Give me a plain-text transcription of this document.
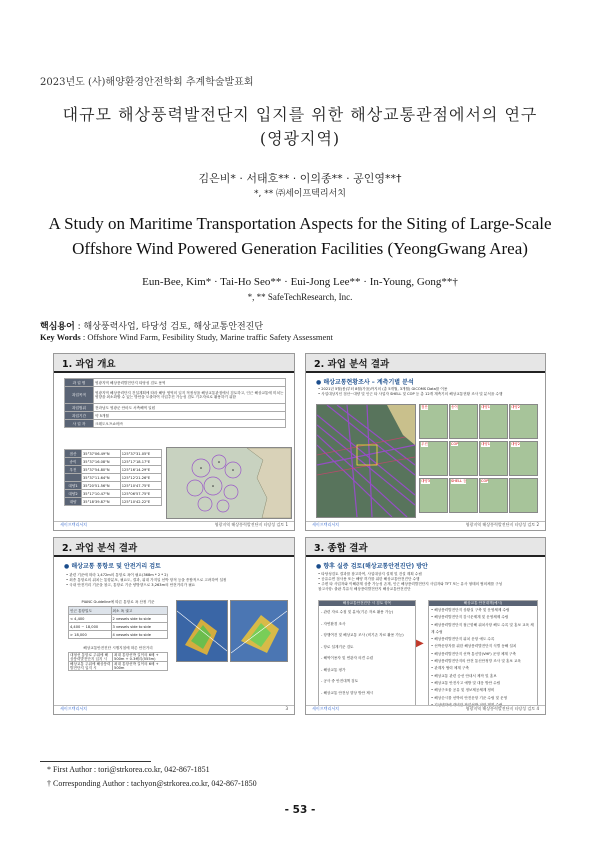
2023년도 (사)해양환경안전학회 추계학술발표회
대규모 해상풍력발전단지 입지를 위한 해상교통관점에서의 연구
(영광지역)
김은비* · 서태호** · 이의종** · 공인영**†
*, ** ㈜세이프텍리서치
A Study on Maritime Transportation Aspects for the Siting of Large-Scale
Offshore Wind Powered Generation Facilities (YeongGwang Area)
Eun-Bee, Kim* · Tai-Ho Seo** · Eui-Jong Lee** · In-Young, Gong**†
*, ** SafeTechResearch, Inc.
핵심용어 : 해상풍력사업, 타당성 검토, 해상교통안전진단
Key Words : Offshore Wind Farm, Fesibility Study, Marine traffic Safety Assessment
1. 과업 개요
과 업 명	영광지역 해상풍력발전단지 타당성 검토 용역
과업목적	영광지역 해상풍력단지 건설계획에 따라 해당 영역의 입지 적정성을 해상교통관점에서 검토하고, 인근 해상교통에 미치는 영향을 최소화할 수 있는 방안을 도출하여 사업추진 가능성 검토 기초자료로 활용하기 위함
과업범위	전라남도 영광군 안마도 서측해역 일원
과업기간	약 5개월
사 업 자	크레도오프쇼어㈜
점산	35°37'06.49"N	125°37'31.05"E
송이	35°37'16.08"N	125°17'18.17"E
우진	35°37'54.80"N	125°16'14.29"E
	35°37'11.64"N	125°12'21.26"E
대양1	35°20'51.56"N	125°10'47.75"E
대양2	35°17'10.47"N	125°06'57.75"E
대양	35°18'39.87"N	125°10'42.22"E
세이프텍리서치	영광지역 해상풍력발전단지 타당성 검토 1
2. 과업 분석 결과
● 해상교통현황조사 – 계측기별 분석
• 2021년 5월(봄)부터 8월(가을)까지의 (총 5개월, 3개월) GICOMS Data를 이용
• 사업대상지인 점산~대양 및 인근 타 사업자 SHELL 및 COP 등 총 12개 계측기의 해상교통현황 조사 및 분석을 수행
점산	송이	대양1	대양2
우진	COP	대양1	대양2
대양3	SHELL 등	COP
세이프텍리서치	영광지역 해상풍력발전단지 타당성 검토 2
2. 과업 분석 결과
● 해상교통 통항로 및 안전거리 검토
• 관련 기준에 따라 1,472m의 통항로 폭이 필요(368m * 2 * 2)
• 최종 통항로의 위치는 통항분포, 필요도, 결과, 위대 가지일 선박 항적 등을 종합적으로 고려하여 설정
• 국내 안전거리 기준을 참고, 통항로 기준 양방향으로 3,263m의 안전거리가 필요
PIANC Guideline에 따른 통항로 폭 산정 기준
인근 통항밀도	최소 폭 권고
< 4,400	2 vessels side to side
4,400 ~ 18,000	3 vessels side to side
> 18,000	4 vessels side to side
해상교통안전진단 시행지침에 따른 안전거리
대형선 통항로 주위에 해상풍력발전단지 입지 시	최대 통항선박 길이의 6배 + 500m + 0.3해리(555m)
해상교통 주위에 해상풍력발전단지 입지 시	최대 통항선박 길이의 6배 + 500m
세이프텍리서치	3
3. 종합 결과
● 향후 실증 검토(해상교통안전진단) 방안
• 타당성검토 결과를 참고하여, 사업대상지 설계 및 건설 계획 수립
• 공유수면 점사용 또는 해양 허가를 위한 해상교통안전진단 수행
• 주변 타 사업자와 이해관계 상충 가능성 존재, 인근 해상풍력발전단지 사업자와 TFT 또는 유사 형태의 협의체를 구성
참고사항: 출판 부유식 해상풍력발전단지 해상교통안전진단
해상교통안전진단 시 검토 항목
- 관련 자료 수집 및 분석(기존 자료 활용 가능)
- 자연환경 조사
- 항행여건 및 해상교통 조사 (비기존 자료 활용 가능)
- 항로 설계기준 검토
- 해역이용자 및 연관자 의견 수렴
- 해상교통 평가
- 공사 중 안전대책 검토
- 해상교통 안전성 향상 방안 제시
▶
해상교통 안전대책(예시)
• 해상풍력발전단지 상황실 구축 및 운영체제 수립
• 해상풍력발전단지 감시운제계 및 운영체제 수립
• 해상풍력발전단지 접근항해 위치사항 해도 수록 및 홍보 교육 체계 수립
• 해상풍력발전단지 위치 운항 예도 수록
• 선박운항자를 위한 해상풍력발전단지 식별 동해 설치
• 해상풍력발전단지 선박 통신망(VHF) 운영 체계 구축
• 해상풍력발전단지의 안전 통신안정망 조사 및 홍보 교육
• 관계자 협력 체계 구축
• 해상교통 관련 승선 안내서 제작 및 홍보
• 해상교통 안전사고 예방 및 대응 방안 수립
• 해상구조물 공유 및 정보제공체계 정비
• 해상순시를 선박의 안전운항 기준 수립 및 운영
• 기상변화에 대비한 작업선박 피항 계획 수립
세이프텍리서치	영광지역 해상풍력발전단지 타당성 검토 4
* First Author : tori@strkorea.co.kr, 042-867-1851
† Corresponding Author : tachyon@strkorea.co.kr, 042-867-1850
- 53 -
